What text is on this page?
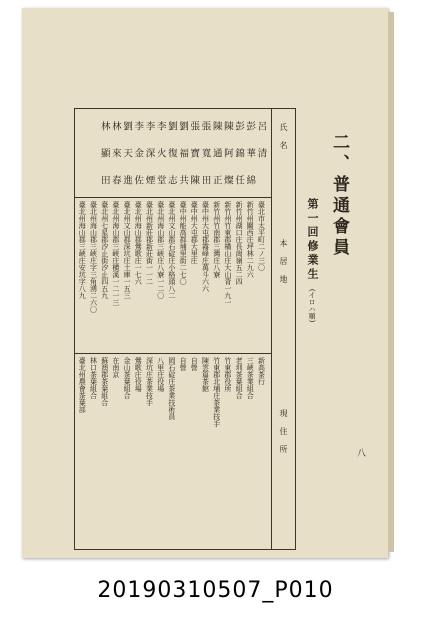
八
二、普通會員
第一回修業生 (イロハ順)
氏名
本居地
現住所
呂　清
臺北市太平町二ノ三〇
新高茶行
彭　華　綿
新竹州關西庄坪林二九六
三峽茶業組合
彭　錦　任
新竹州湖口庄長崗嶺五二四
老圳茶葉組合
陳　阿　燦
新竹州竹東郡橫山庄大山背一九一
竹東郡役所
陳　通　正
新竹州竹南郡三灣庄八寮
竹東郡北埔庄茶業技手
張　寬　田
臺中州大屯郡霧峰庄萬斗六六
陳雲篇茶館
張　寶　陳
臺中州大屯郡大里庄
自營
劉　福　共
臺中州能高郡埔里街二七〇
自營
劉　復　志
臺北州文山郡石碇庄小格頭八二
岡石碇庄茶業技術員
李　火　堂
臺北州海山郡三峽庄八寮一二〇
八里庄役場
李　深　煙
臺北州新莊郡新莊街一一二
深坑庄茶業技手
李　金　佐
臺北州海山郡鶯歌庄一七六
鶯歌庄役場
劉　天　進
臺北州文山郡深坑庄土庫一五三
金山茶葉組合
林　來　春
臺北州海山郡三峽庄横溪一二一三
在南京
林　顯　田
臺北州七星郡汐止街汐止四五九
蘇澳郡茶葉組合
臺北州海山郡三峽庄字三角湧二六〇
林口茶葉組合
臺北州海山郡三峽庄安坑字八九
臺北州農會茶葉部
20190310507_P010
